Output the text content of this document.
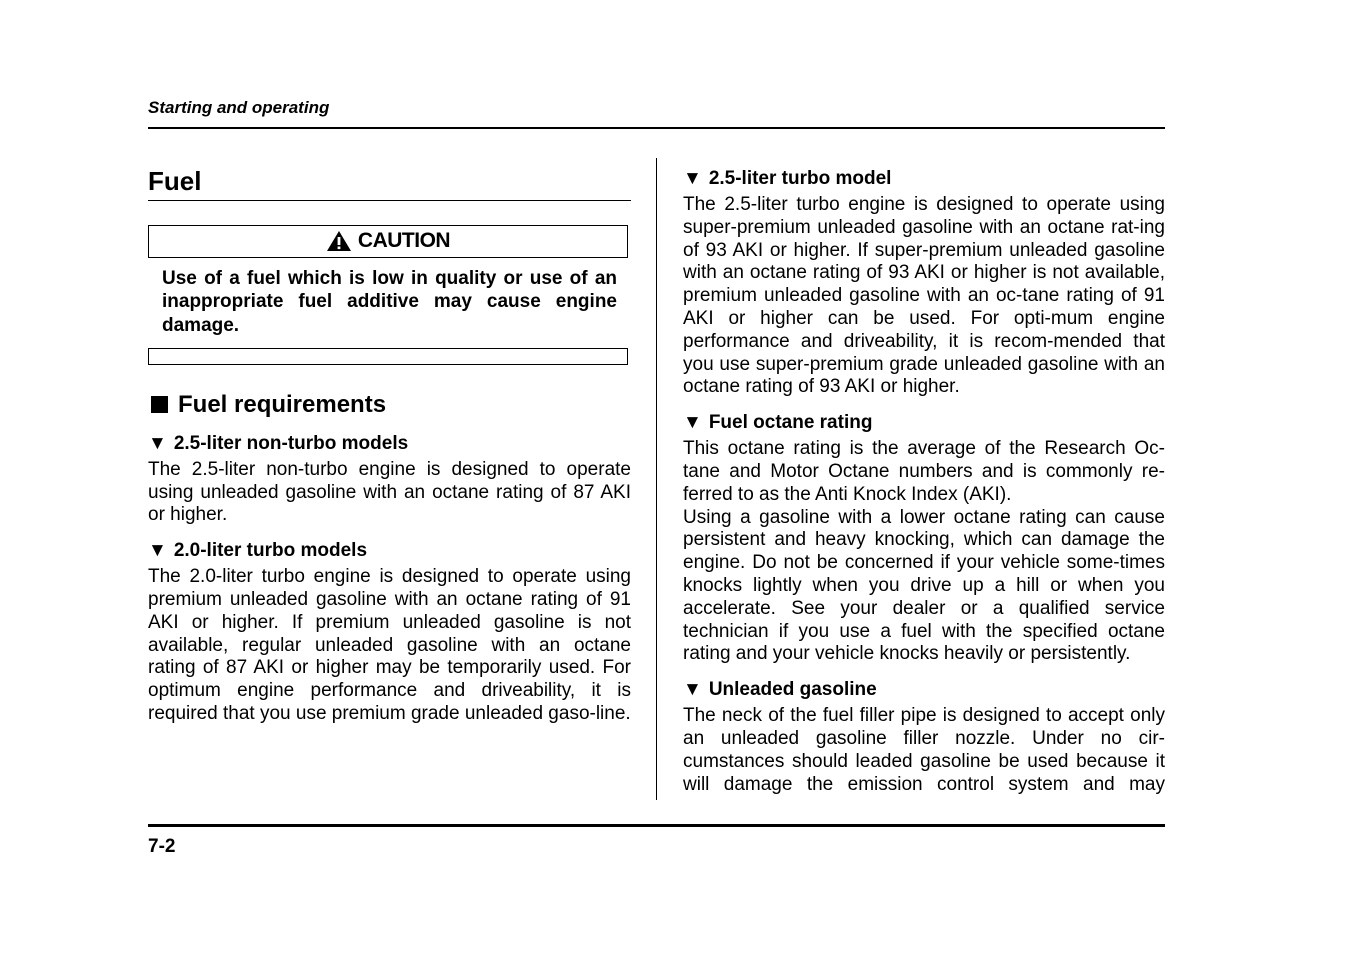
Starting and operating
Fuel
CAUTION
Use of a fuel which is low in quality or use of an inappropriate fuel additive may cause engine damage.
Fuel requirements
▼ 2.5-liter non-turbo models

The 2.5-liter non-turbo engine is designed to operate using unleaded gasoline with an octane rating of 87 AKI or higher.

▼ 2.0-liter turbo models

The 2.0-liter turbo engine is designed to operate using premium unleaded gasoline with an octane rating of 91 AKI or higher. If premium unleaded gasoline is not available, regular unleaded gasoline with an octane rating of 87 AKI or higher may be temporarily used. For optimum engine performance and driveability, it is required that you use premium grade unleaded gaso-line.

▼ 2.5-liter turbo model

The 2.5-liter turbo engine is designed to operate using super-premium unleaded gasoline with an octane rat-ing of 93 AKI or higher. If super-premium unleaded gasoline with an octane rating of 93 AKI or higher is not available, premium unleaded gasoline with an oc-tane rating of 91 AKI or higher can be used. For opti-mum engine performance and driveability, it is recom-mended that you use super-premium grade unleaded gasoline with an octane rating of 93 AKI or higher.

▼ Fuel octane rating

This octane rating is the average of the Research Oc-tane and Motor Octane numbers and is commonly re-ferred to as the Anti Knock Index (AKI).

Using a gasoline with a lower octane rating can cause persistent and heavy knocking, which can damage the engine. Do not be concerned if your vehicle some-times knocks lightly when you drive up a hill or when you accelerate. See your dealer or a qualified service technician if you use a fuel with the specified octane rating and your vehicle knocks heavily or persistently.

▼ Unleaded gasoline

The neck of the fuel filler pipe is designed to accept only an unleaded gasoline filler nozzle. Under no cir-cumstances should leaded gasoline be used because it will damage the emission control system and may

7-2
